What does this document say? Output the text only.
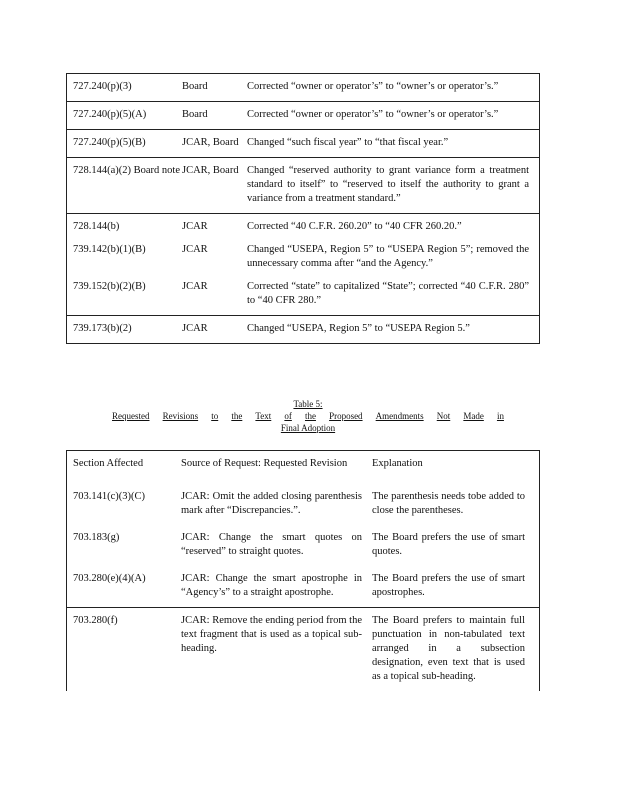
727.240(p)(3)	Board	Corrected “owner or operator’s” to “owner’s or operator’s.”
727.240(p)(5)(A)	Board	Corrected “owner or operator’s” to “owner’s or operator’s.”
727.240(p)(5)(B)	JCAR, Board	Changed “such fiscal year” to “that fiscal year.”
728.144(a)(2) Board note	JCAR, Board	Changed “reserved authority to grant variance form a treatment standard to itself” to “reserved to itself the authority to grant a variance from a treatment standard.”
728.144(b)	JCAR	Corrected “40 C.F.R. 260.20” to “40 CFR 260.20.”
739.142(b)(1)(B)	JCAR	Changed “USEPA, Region 5” to “USEPA Region 5”; removed the unnecessary comma after “and the Agency.”
739.152(b)(2)(B)	JCAR	Corrected “state” to capitalized “State”; corrected “40 C.F.R. 280” to “40 CFR 280.”
739.173(b)(2)	JCAR	Changed “USEPA, Region 5” to “USEPA Region 5.”
Table 5:
Requested Revisions to the Text of the Proposed Amendments Not Made in
Final Adoption
Section Affected	Source of Request: Requested Revision	Explanation
703.141(c)(3)(C)	JCAR: Omit the added closing parenthesis mark after “Discrepancies.”.	The parenthesis needs tobe added to close the parentheses.
703.183(g)	JCAR: Change the smart quotes on “reserved” to straight quotes.	The Board prefers the use of smart quotes.
703.280(e)(4)(A)	JCAR: Change the smart apostrophe in “Agency’s” to a straight apostrophe.	The Board prefers the use of smart apostrophes.
703.280(f)	JCAR: Remove the ending period from the text fragment that is used as a topical sub-heading.	The Board prefers to maintain full punctuation in non-tabulated text arranged in a subsection designation, even text that is used as a topical sub-heading.
